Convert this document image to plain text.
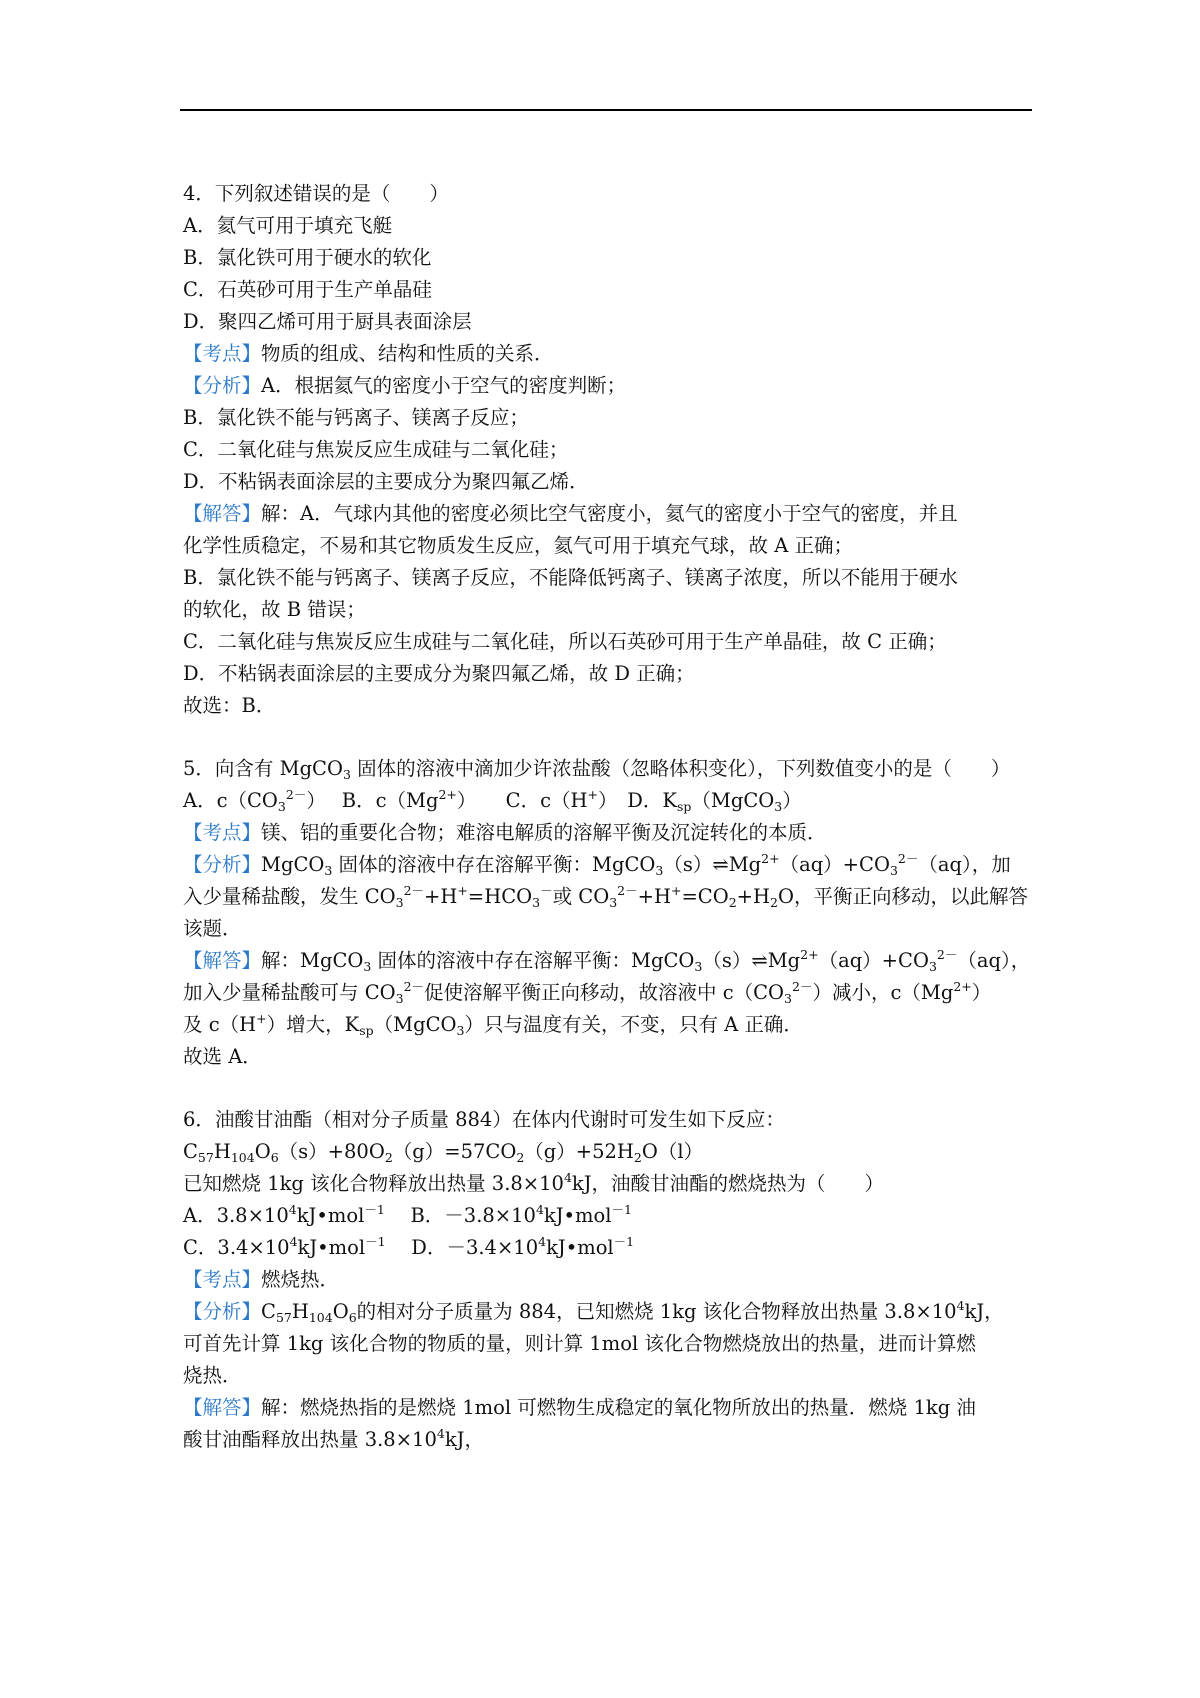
4．下列叙述错误的是（　　）
A．氦气可用于填充飞艇
B．氯化铁可用于硬水的软化
C．石英砂可用于生产单晶硅
D．聚四乙烯可用于厨具表面涂层
【考点】物质的组成、结构和性质的关系．
【分析】A．根据氦气的密度小于空气的密度判断；
B．氯化铁不能与钙离子、镁离子反应；
C．二氧化硅与焦炭反应生成硅与二氧化硅；
D．不粘锅表面涂层的主要成分为聚四氟乙烯．
【解答】解：A．气球内其他的密度必须比空气密度小，氦气的密度小于空气的密度，并且
化学性质稳定，不易和其它物质发生反应，氦气可用于填充气球，故 A 正确；
B．氯化铁不能与钙离子、镁离子反应，不能降低钙离子、镁离子浓度，所以不能用于硬水
的软化，故 B 错误；
C．二氧化硅与焦炭反应生成硅与二氧化硅，所以石英砂可用于生产单晶硅，故 C 正确；
D．不粘锅表面涂层的主要成分为聚四氟乙烯，故 D 正确；
故选：B．
5．向含有 MgCO$_3$ 固体的溶液中滴加少许浓盐酸（忽略体积变化），下列数值变小的是（　　）
A．$c(CO_3^{2-})$　 B．$c(Mg^{2+})$　　C．c（H+）　D．$K_{sp}(MgCO_3)$
【考点】镁、铝的重要化合物；难溶电解质的溶解平衡及沉淀转化的本质．
【分析】MgCO$_3$ 固体的溶液中存在溶解平衡：$MgCO_3(s)\rightleftharpoons Mg^{2+}(aq)+CO_3^{2-}(aq)$，加
入少量稀盐酸，发生 $CO_3^{2-}+H^+=HCO_3^-$或 $CO_3^{2-}+H^+=CO_2+H_2O$，平衡正向移动，以此解答
该题．
【解答】解：MgCO$_3$ 固体的溶液中存在溶解平衡：$MgCO_3(s)\rightleftharpoons Mg^{2+}(aq)+CO_3^{2-}(aq)$，
加入少量稀盐酸可与 $CO_3^{2-}$促使溶解平衡正向移动，故溶液中 $c(CO_3^{2-})$减小，$c(Mg^{2+})$
及 c（H+）增大，$K_{sp}(MgCO_3)$只与温度有关，不变，只有 A 正确．
故选 A．
6．油酸甘油酯（相对分子质量 884）在体内代谢时可发生如下反应：
$C_{57}H_{104}O_6(s)+80O_2(g)=57CO_2(g)+52H_2O(l)$
已知燃烧 1kg 该化合物释放出热量 $3.8\times 10^4kJ$，油酸甘油酯的燃烧热为（　　）
A．$3.8\times 10^4kJ•mol^{-1}$　 B．$-3.8\times 10^4kJ•mol^{-1}$
C．$3.4\times 10^4kJ•mol^{-1}$　 D．$-3.4\times 10^4kJ•mol^{-1}$
【考点】燃烧热．
【分析】$C_{57}H_{104}O_6$的相对分子质量为 884，已知燃烧 1kg 该化合物释放出热量 $3.8\times 10^4kJ$，
可首先计算 1kg 该化合物的物质的量，则计算 1mol 该化合物燃烧放出的热量，进而计算燃
烧热．
【解答】解：燃烧热指的是燃烧 1mol 可燃物生成稳定的氧化物所放出的热量．燃烧 1kg 油
酸甘油酯释放出热量 $3.8\times 10^4kJ$，
